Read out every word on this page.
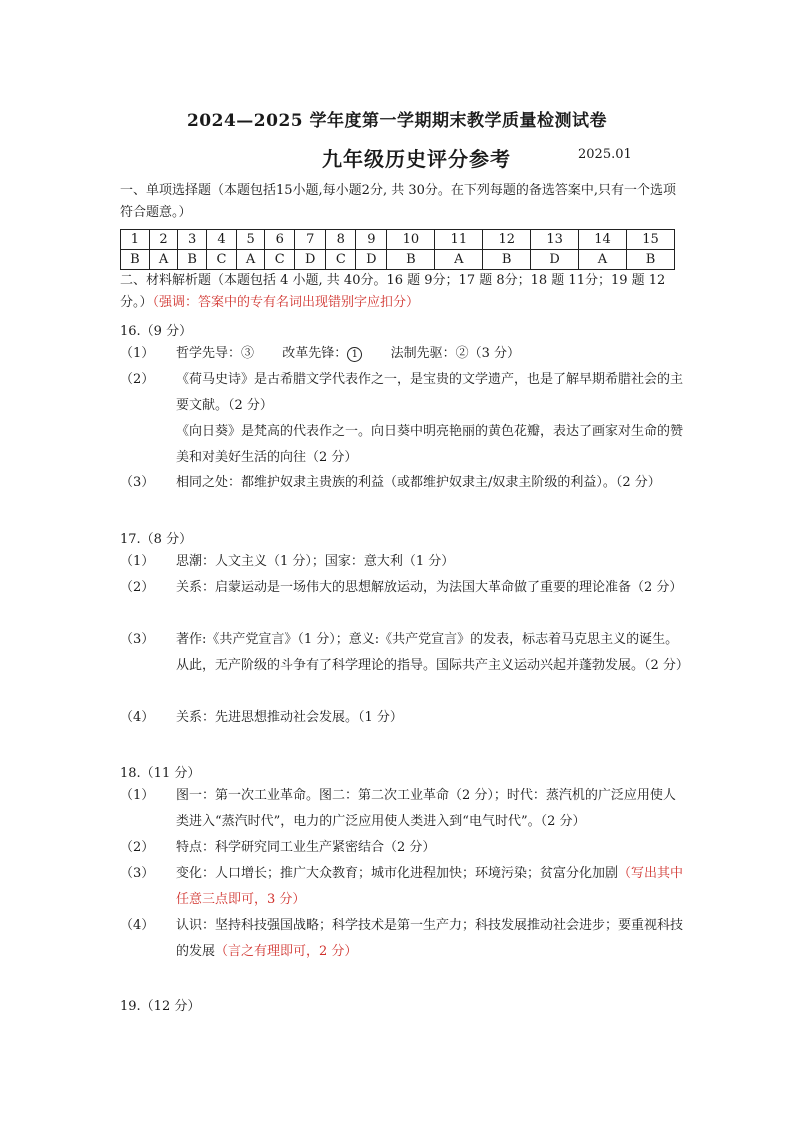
2024—2025 学年度第一学期期末教学质量检测试卷
九年级历史评分参考	2025.01
一、单项选择题（本题包括15小题,每小题2分, 共 30分。在下列每题的备选答案中,只有一个选项符合题意。）
1	2	3	4	5	6	7	8	9	10	11	12	13	14	15
B	A	B	C	A	C	D	C	D	B	A	B	D	A	B
二、材料解析题（本题包括 4 小题, 共 40分。16 题 9分；17 题 8分；18 题 11分；19 题 12分。）（强调：答案中的专有名词出现错别字应扣分）
16.（9 分）
（1） 哲学先导：③ 改革先锋： 1	法制先驱：②（3 分）
（2） 《荷马史诗》是古希腊文学代表作之一，是宝贵的文学遗产，也是了解早期希腊社会的主要文献。（2 分）
《向日葵》是梵高的代表作之一。向日葵中明亮艳丽的黄色花瓣，表达了画家对生命的赞美和对美好生活的向往（2 分）
（3） 相同之处：都维护奴隶主贵族的利益（或都维护奴隶主/奴隶主阶级的利益）。（2 分）
17.（8 分）
（1） 思潮：人文主义（1 分）；国家：意大利（1 分）
（2） 关系：启蒙运动是一场伟大的思想解放运动，为法国大革命做了重要的理论准备（2 分）
（3） 著作:《共产党宣言》（1 分）；意义:《共产党宣言》的发表，标志着马克思主义的诞生。从此，无产阶级的斗争有了科学理论的指导。国际共产主义运动兴起并蓬勃发展。（2 分）
（4） 关系：先进思想推动社会发展。（1 分）
18.（11 分）
（1） 图一：第一次工业革命。图二：第二次工业革命（2 分）；时代：蒸汽机的广泛应用使人类进入“蒸汽时代”，电力的广泛应用使人类进入到“电气时代”。（2 分）
（2） 特点：科学研究同工业生产紧密结合（2 分）
（3） 变化：人口增长；推广大众教育；城市化进程加快；环境污染；贫富分化加剧（写出其中任意三点即可，3 分）
（4） 认识：坚持科技强国战略；科学技术是第一生产力；科技发展推动社会进步；要重视科技的发展（言之有理即可，2 分）
19.（12 分）
